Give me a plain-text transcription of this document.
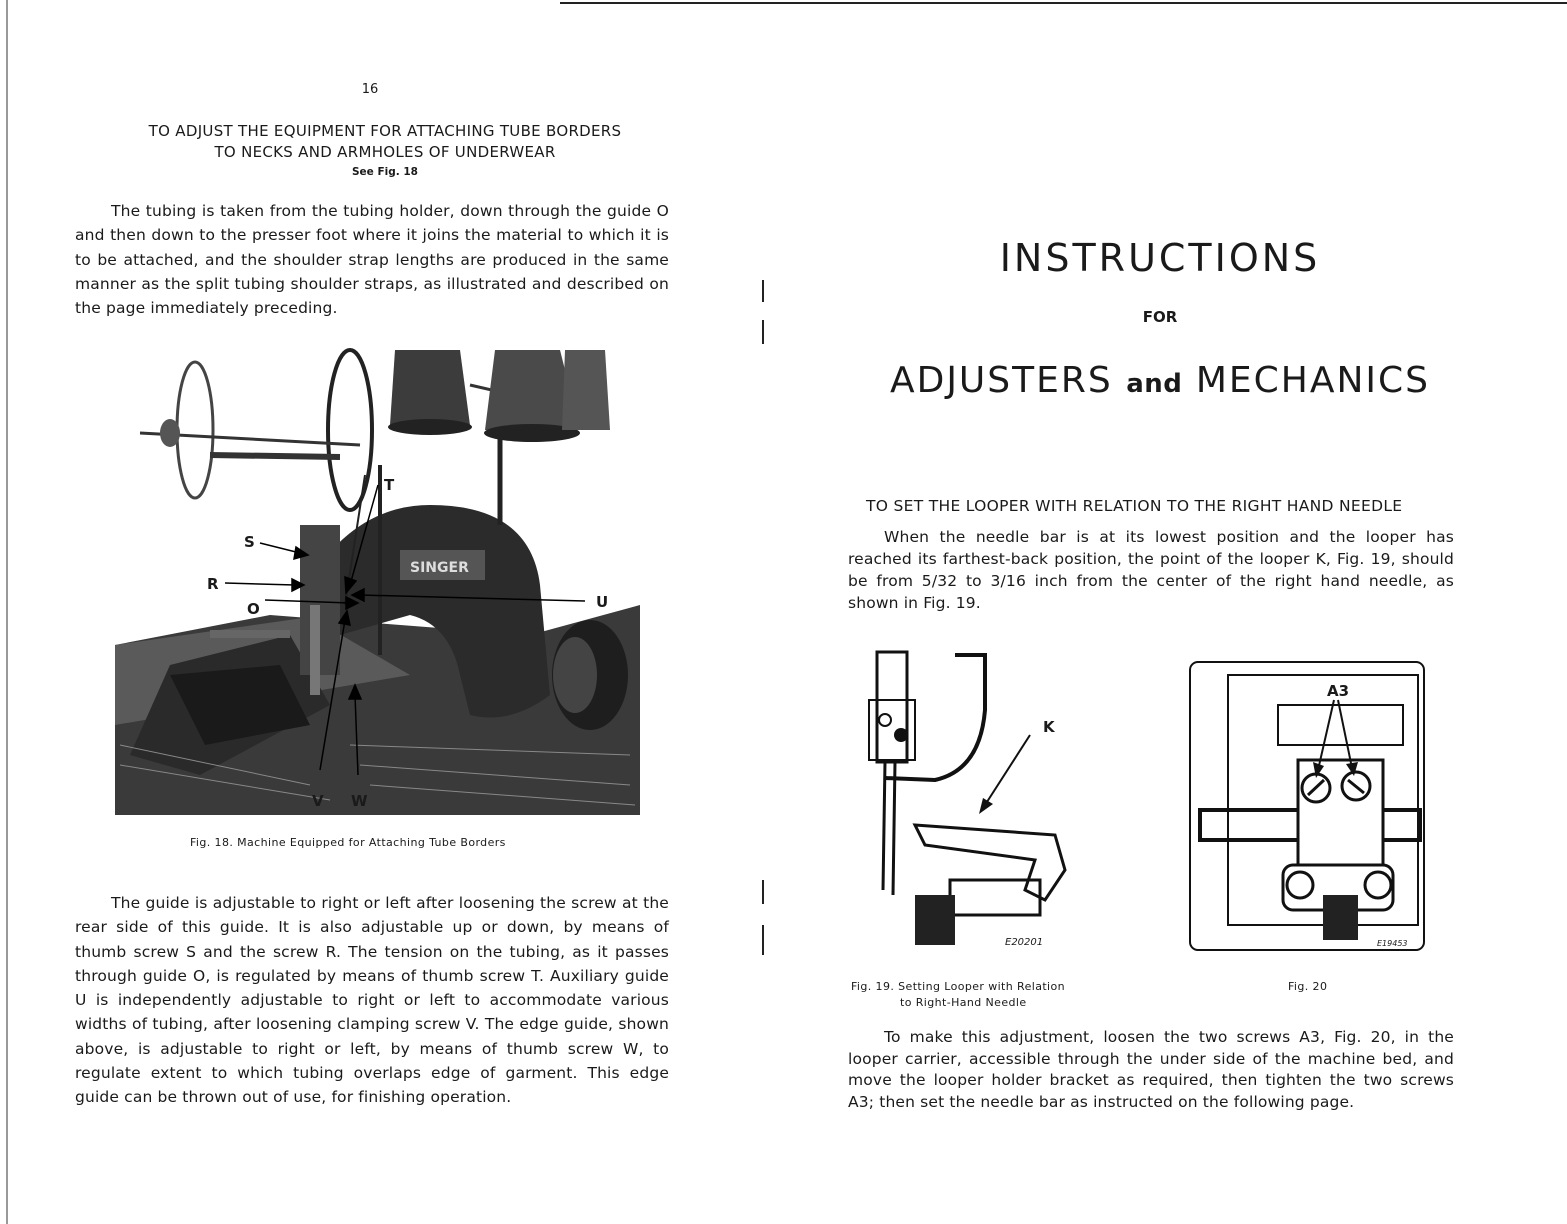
16
TO ADJUST THE EQUIPMENT FOR ATTACHING TUBE BORDERS
TO NECKS AND ARMHOLES OF UNDERWEAR
See Fig. 18

The tubing is taken from the tubing holder, down through the guide O and then down to the presser foot where it joins the material to which it is to be attached, and the shoulder strap lengths are produced in the same manner as the split tubing shoulder straps, as illustrated and described on the page immediately preceding.

SINGER
T
S
R
O	U
V W
Fig. 18. Machine Equipped for Attaching Tube Borders

The guide is adjustable to right or left after loosening the screw at the rear side of this guide. It is also adjustable up or down, by means of thumb screw S and the screw R. The tension on the tubing, as it passes through guide O, is regulated by means of thumb screw T. Auxiliary guide U is independently adjustable to right or left to accommodate various widths of tubing, after loosening clamping screw V. The edge guide, shown above, is adjustable to right or left, by means of thumb screw W, to regulate extent to which tubing overlaps edge of garment. This edge guide can be thrown out of use, for finishing operation.

INSTRUCTIONS
FOR
ADJUSTERS and MECHANICS
TO SET THE LOOPER WITH RELATION TO THE RIGHT HAND NEEDLE

When the needle bar is at its lowest position and the looper has reached its farthest-back position, the point of the looper K, Fig. 19, should be from 5/32 to 3/16 inch from the center of the right hand needle, as shown in Fig. 19.

K
E20201
Fig. 19. Setting Looper with Relation
to Right-Hand Needle
A3
E19453
Fig. 20

To make this adjustment, loosen the two screws A3, Fig. 20, in the looper carrier, accessible through the under side of the machine bed, and move the looper holder bracket as required, then tighten the two screws A3; then set the needle bar as instructed on the following page.
